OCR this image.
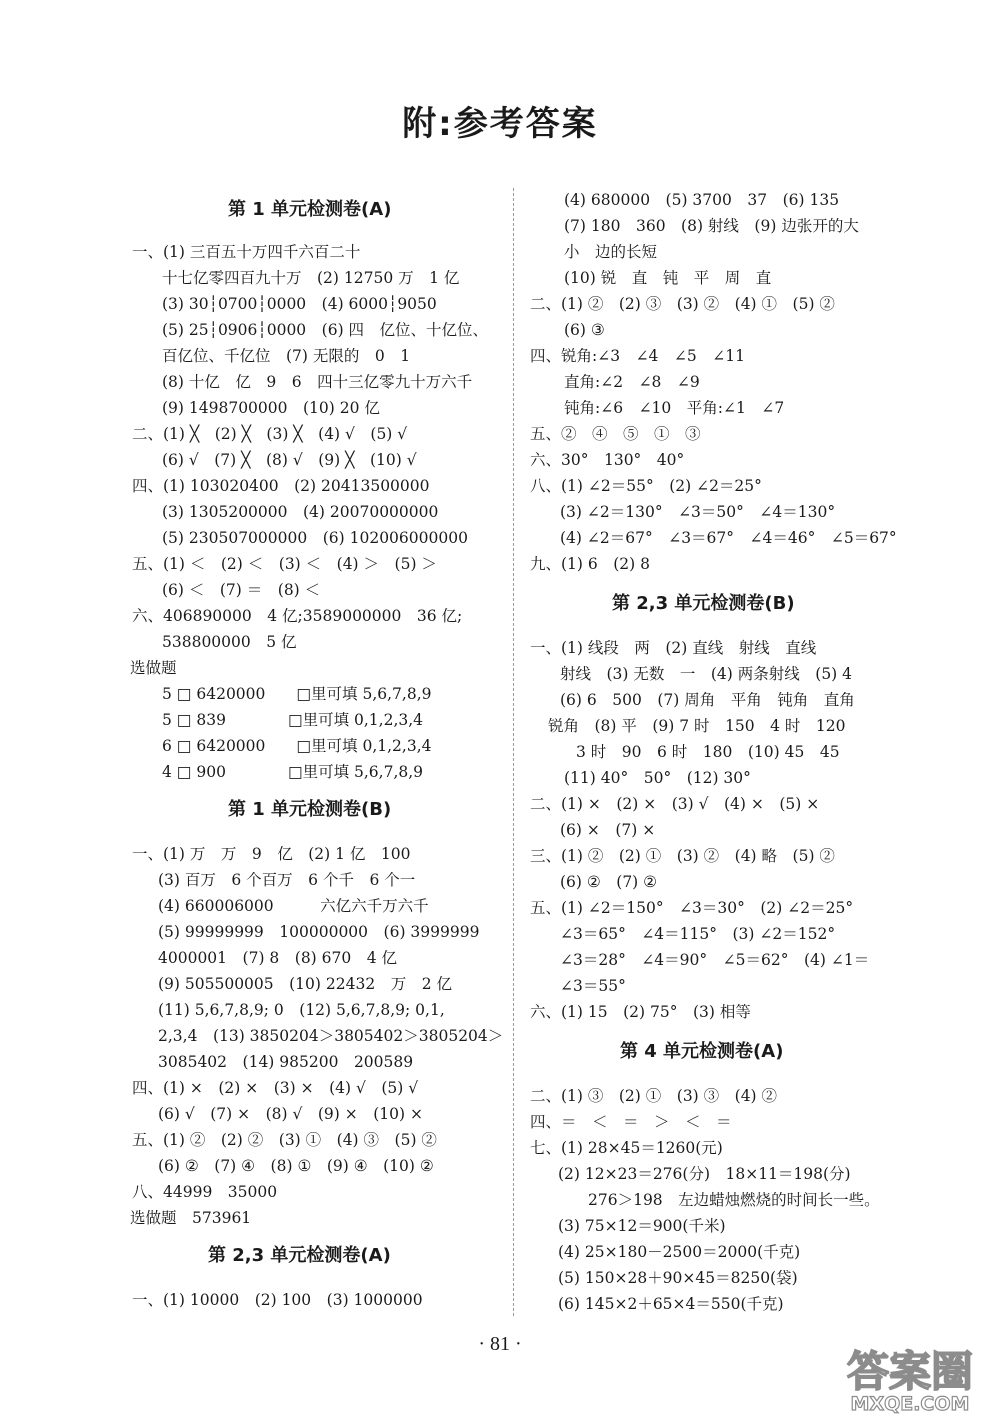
附:参考答案
第 1 单元检测卷(A)
一、(1) 三百五十万四千六百二十
十七亿零四百九十万　(2) 12750 万　1 亿
(3) 30┆0700┆0000　(4) 6000┆9050
(5) 25┆0906┆0000　(6) 四　亿位、十亿位、
百亿位、千亿位　(7) 无限的　0　1
(8) 十亿　亿　9　6　四十三亿零九十万六千
(9) 1498700000　(10) 20 亿
二、(1) ╳　(2) ╳　(3) ╳　(4) √　(5) √
(6) √　(7) ╳　(8) √　(9) ╳　(10) √
四、(1) 103020400　(2) 20413500000
(3) 1305200000　(4) 20070000000
(5) 230507000000　(6) 102006000000
五、(1) ＜　(2) ＜　(3) ＜　(4) ＞　(5) ＞
(6) ＜　(7) ＝　(8) ＜
六、406890000　4 亿;3589000000　36 亿;
538800000　5 亿
选做题
5 □ 6420000　　□里可填 5,6,7,8,9
5 □ 839　　　　□里可填 0,1,2,3,4
6 □ 6420000　　□里可填 0,1,2,3,4
4 □ 900　　　　□里可填 5,6,7,8,9
第 1 单元检测卷(B)
一、(1) 万　万　9　亿　(2) 1 亿　100
(3) 百万　6 个百万　6 个千　6 个一
(4) 660006000　　　六亿六千万六千
(5) 99999999　100000000　(6) 3999999
4000001　(7) 8　(8) 670　4 亿
(9) 505500005　(10) 22432　万　2 亿
(11) 5,6,7,8,9; 0　(12) 5,6,7,8,9; 0,1,
2,3,4　(13) 3850204＞3805402＞3805204＞
3085402　(14) 985200　200589
四、(1) ×　(2) ×　(3) ×　(4) √　(5) √
(6) √　(7) ×　(8) √　(9) ×　(10) ×
五、(1) ②　(2) ②　(3) ①　(4) ③　(5) ②
(6) ②　(7) ④　(8) ①　(9) ④　(10) ②
八、44999　35000
选做题　573961
第 2,3 单元检测卷(A)
一、(1) 10000　(2) 100　(3) 1000000
(4) 680000　(5) 3700　37　(6) 135
(7) 180　360　(8) 射线　(9) 边张开的大
小　边的长短
(10) 锐　直　钝　平　周　直
二、(1) ②　(2) ③　(3) ②　(4) ①　(5) ②
(6) ③
四、锐角:∠3　∠4　∠5　∠11
直角:∠2　∠8　∠9
钝角:∠6　∠10　平角:∠1　∠7
五、②　④　⑤　①　③
六、30°　130°　40°
八、(1) ∠2＝55°　(2) ∠2＝25°
(3) ∠2＝130°　∠3＝50°　∠4＝130°
(4) ∠2＝67°　∠3＝67°　∠4＝46°　∠5＝67°
九、(1) 6　(2) 8
第 2,3 单元检测卷(B)
一、(1) 线段　两　(2) 直线　射线　直线
射线　(3) 无数　一　(4) 两条射线　(5) 4
(6) 6　500　(7) 周角　平角　钝角　直角
锐角　(8) 平　(9) 7 时　150　4 时　120
3 时　90　6 时　180　(10) 45　45
(11) 40°　50°　(12) 30°
二、(1) ×　(2) ×　(3) √　(4) ×　(5) ×
(6) ×　(7) ×
三、(1) ②　(2) ①　(3) ②　(4) 略　(5) ②
(6) ②　(7) ②
五、(1) ∠2＝150°　∠3＝30°　(2) ∠2＝25°
∠3＝65°　∠4＝115°　(3) ∠2＝152°
∠3＝28°　∠4＝90°　∠5＝62°　(4) ∠1＝
∠3＝55°
六、(1) 15　(2) 75°　(3) 相等
第 4 单元检测卷(A)
二、(1) ③　(2) ①　(3) ③　(4) ②
四、＝　＜　＝　＞　＜　＝
七、(1) 28×45＝1260(元)
(2) 12×23＝276(分)　18×11＝198(分)
276＞198　左边蜡烛燃烧的时间长一些。
(3) 75×12＝900(千米)
(4) 25×180－2500＝2000(千克)
(5) 150×28＋90×45＝8250(袋)
(6) 145×2＋65×4＝550(千克)
· 81 ·
答案圈
MXQE.COM
